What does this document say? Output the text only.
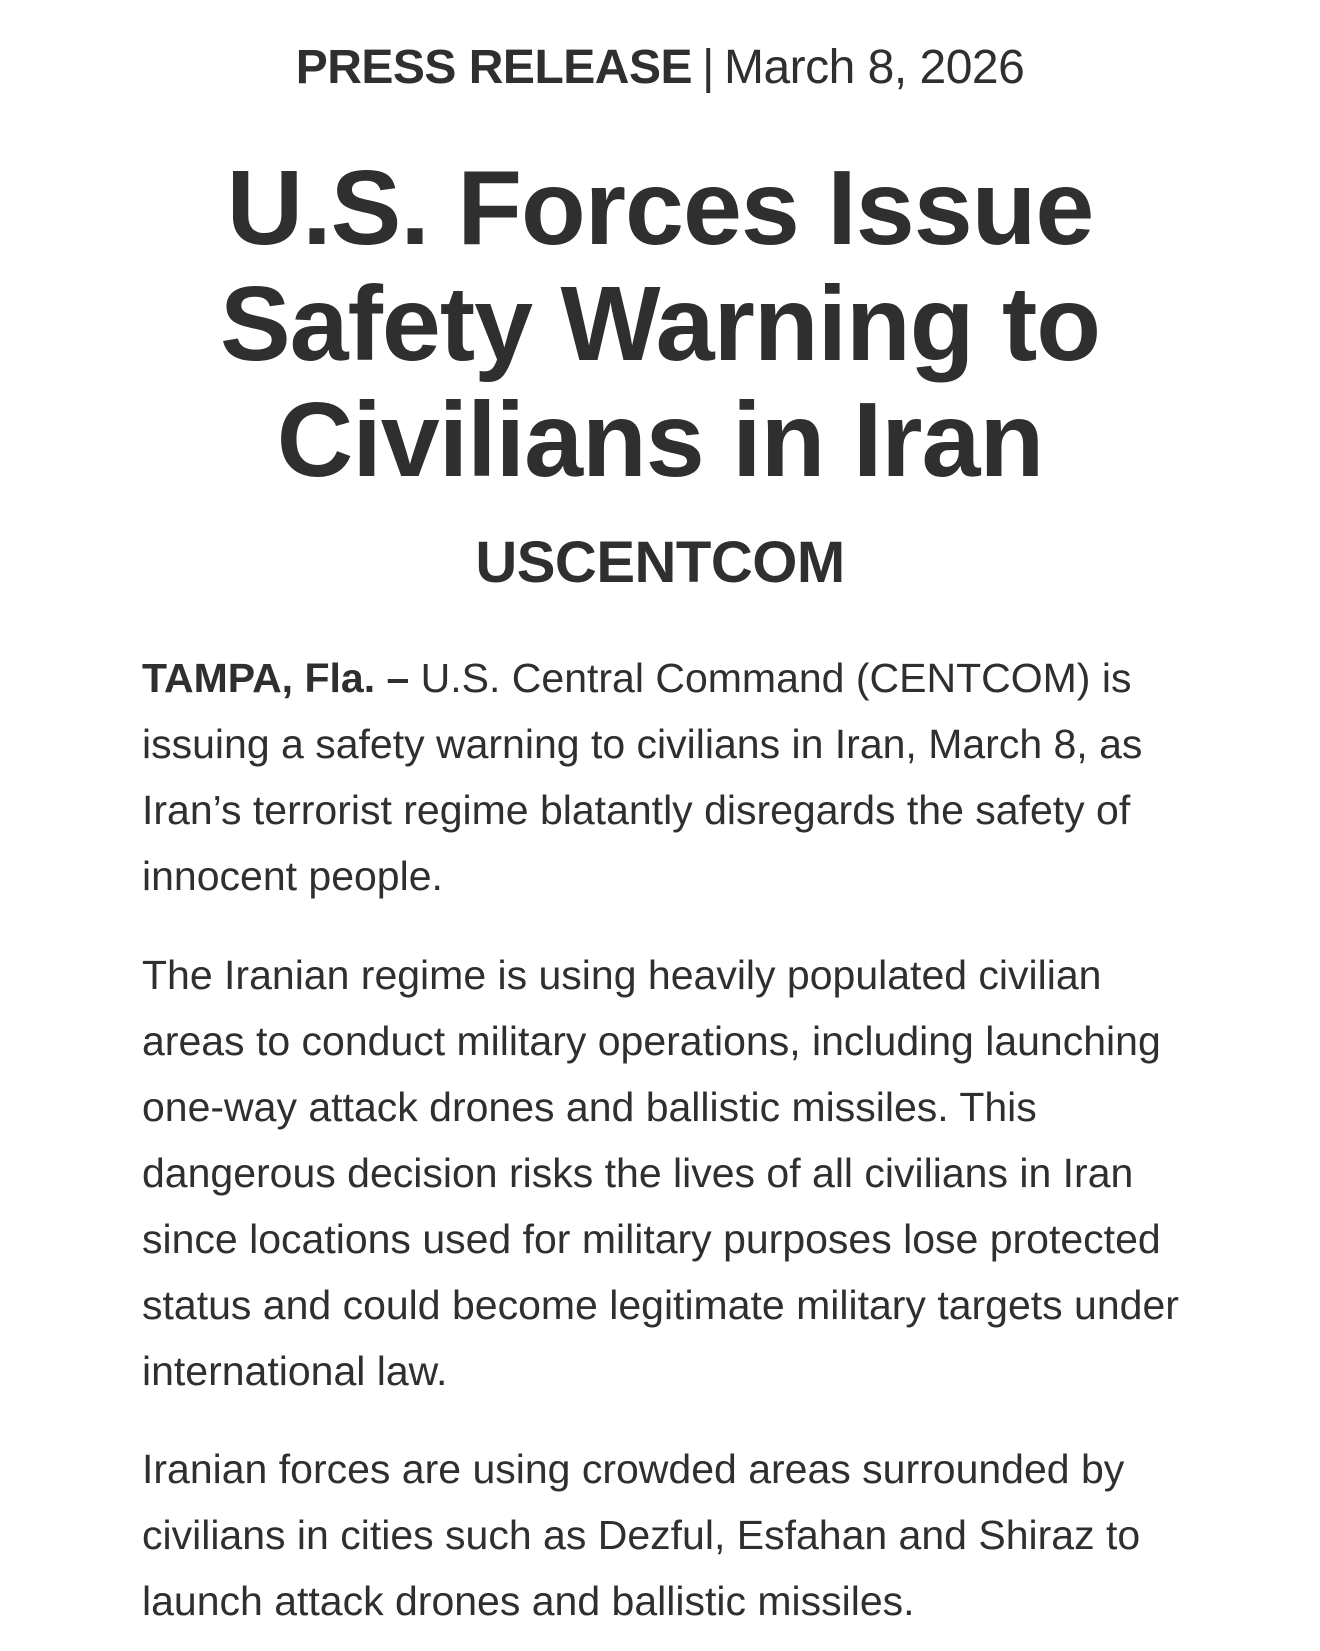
PRESS RELEASE | March 8, 2026
U.S. Forces Issue Safety Warning to Civilians in Iran
USCENTCOM

TAMPA, Fla. – U.S. Central Command (CENTCOM) is issuing a safety warning to civilians in Iran, March 8, as Iran’s terrorist regime blatantly disregards the safety of innocent people.

The Iranian regime is using heavily populated civilian areas to conduct military operations, including launching one-way attack drones and ballistic missiles. This dangerous decision risks the lives of all civilians in Iran since locations used for military purposes lose protected status and could become legitimate military targets under international law.

Iranian forces are using crowded areas surrounded by civilians in cities such as Dezful, Esfahan and Shiraz to launch attack drones and ballistic missiles.
